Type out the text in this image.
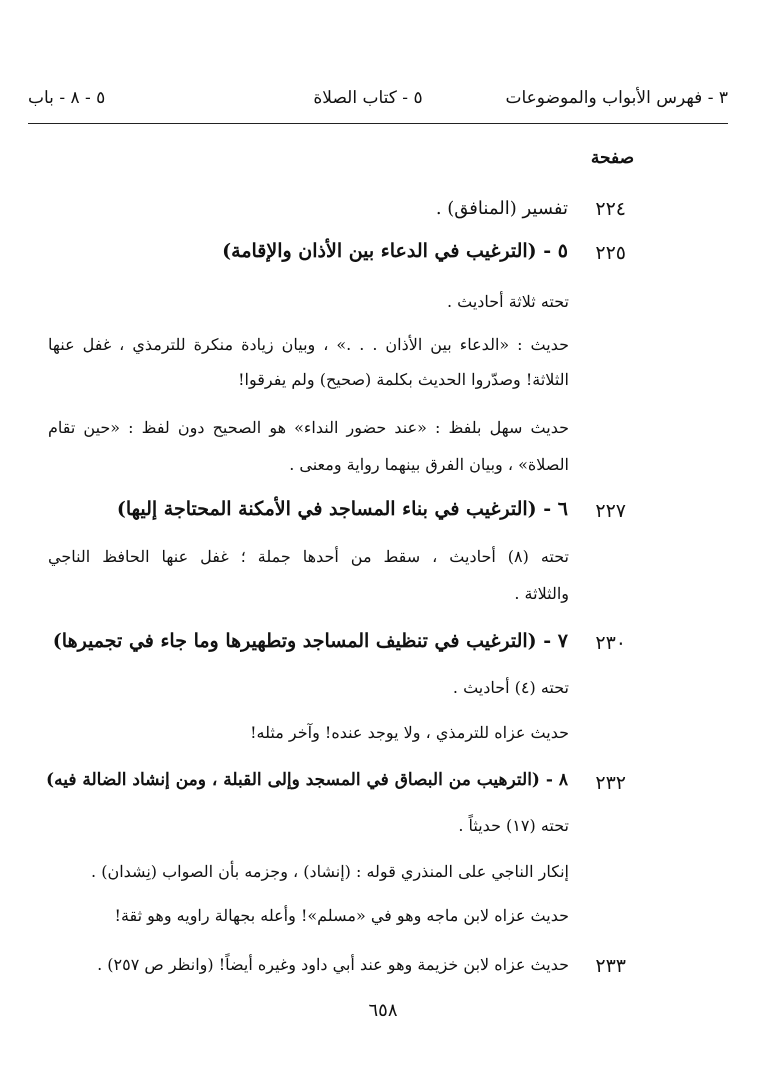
٣ - فهرس الأبواب والموضوعات
٥ - كتاب الصلاة
٥ - ٨ - باب
صفحة
٢٢٤
تفسير (المنافق) .
٢٢٥
٥ - (الترغيب في الدعاء بين الأذان والإقامة)
تحته ثلاثة أحاديث .
حديث : «الدعاء بين الأذان . . .» ، وبيان زيادة منكرة للترمذي ، غفل عنها
الثلاثة! وصدّروا الحديث بكلمة (صحيح) ولم يفرقوا!
حديث سهل بلفظ : «عند حضور النداء» هو الصحيح دون لفظ : «حين تقام
الصلاة» ، وبيان الفرق بينهما رواية ومعنى .
٢٢٧
٦ - (الترغيب في بناء المساجد في الأمكنة المحتاجة إليها)
تحته (٨) أحاديث ، سقط من أحدها جملة ؛ غفل عنها الحافظ الناجي
والثلاثة .
٢٣٠
٧ - (الترغيب في تنظيف المساجد وتطهيرها وما جاء في تجميرها)
تحته (٤) أحاديث .
حديث عزاه للترمذي ، ولا يوجد عنده! وآخر مثله!
٢٣٢
٨ - (الترهيب من البصاق في المسجد وإلى القبلة ، ومن إنشاد الضالة فيه)
تحته (١٧) حديثاً .
إنكار الناجي على المنذري قوله : (إنشاد) ، وجزمه بأن الصواب (نِشدان) .
حديث عزاه لابن ماجه وهو في «مسلم»! وأعله بجهالة راويه وهو ثقة!
٢٣٣
حديث عزاه لابن خزيمة وهو عند أبي داود وغيره أيضاً! (وانظر ص ٢٥٧) .
٦٥٨
